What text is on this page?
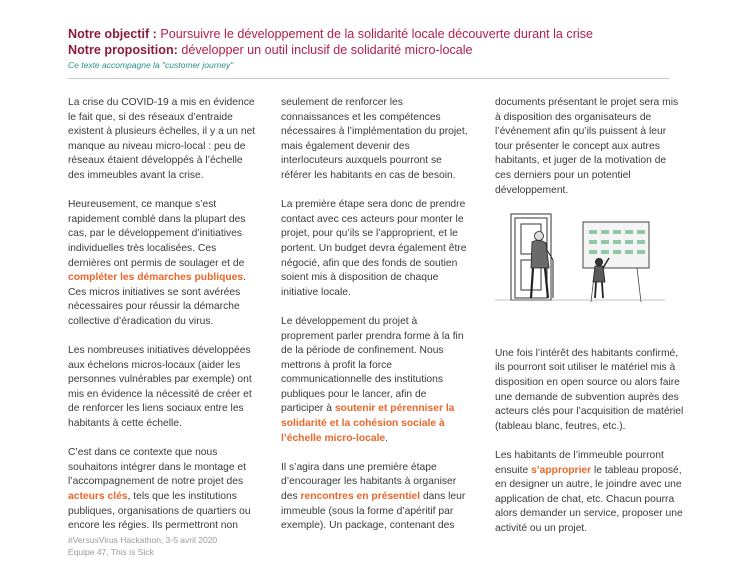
Notre objectif : Poursuivre le développement de la solidarité locale découverte durant la crise
Notre proposition: développer un outil inclusif de solidarité micro-locale
Ce texte accompagne la "customer journey"

La crise du COVID-19 a mis en évidence le fait que, si des réseaux d’entraide existent à plusieurs échelles, il y a un net manque au niveau micro-local : peu de réseaux étaient développés à l’échelle des immeubles avant la crise.

Heureusement, ce manque s’est rapidement comblé dans la plupart des cas, par le développement d’initiatives individuelles très localisées. Ces dernières ont permis de soulager et de compléter les démarches publiques. Ces micros initiatives se sont avérées nécessaires pour réussir la démarche collective d’éradication du virus.

Les nombreuses initiatives développées aux échelons micros-locaux (aider les personnes vulnérables par exemple) ont mis en évidence la nécessité de créer et de renforcer les liens sociaux entre les habitants à cette échelle.

C’est dans ce contexte que nous souhaitons intégrer dans le montage et l’accompagnement de notre projet des acteurs clés, tels que les institutions publiques, organisations de quartiers ou encore les régies. Ils permettront non

seulement de renforcer les connaissances et les compétences nécessaires à l’implémentation du projet, mais également devenir des interlocuteurs auxquels pourront se référer les habitants en cas de besoin.

La première étape sera donc de prendre contact avec ces acteurs pour monter le projet, pour qu’ils se l’approprient, et le portent. Un budget devra également être négocié, afin que des fonds de soutien soient mis à disposition de chaque initiative locale.

Le développement du projet à proprement parler prendra forme à la fin de la période de confinement. Nous mettrons à profit la force communicationnelle des institutions publiques pour le lancer, afin de participer à soutenir et pérenniser la solidarité et la cohésion sociale à l’échelle micro-locale.

Il s’agira dans une première étape d’encourager les habitants à organiser des rencontres en présentiel dans leur immeuble (sous la forme d’apéritif par exemple). Un package, contenant des

documents présentant le projet sera mis à disposition des organisateurs de l’événement afin qu’ils puissent à leur tour présenter le concept aux autres habitants, et juger de la motivation de ces derniers pour un potentiel développement.

Une fois l’intérêt des habitants confirmé, ils pourront soit utiliser le matériel mis à disposition en open source ou alors faire une demande de subvention auprès des acteurs clés pour l’acquisition de matériel (tableau blanc, feutres, etc.).

Les habitants de l’immeuble pourront ensuite s’approprier le tableau proposé, en designer un autre, le joindre avec une application de chat, etc. Chacun pourra alors demander un service, proposer une activité ou un projet.

#VersusVirus Hackathon, 3-5 avril 2020
Equipe 47, This is Sick
